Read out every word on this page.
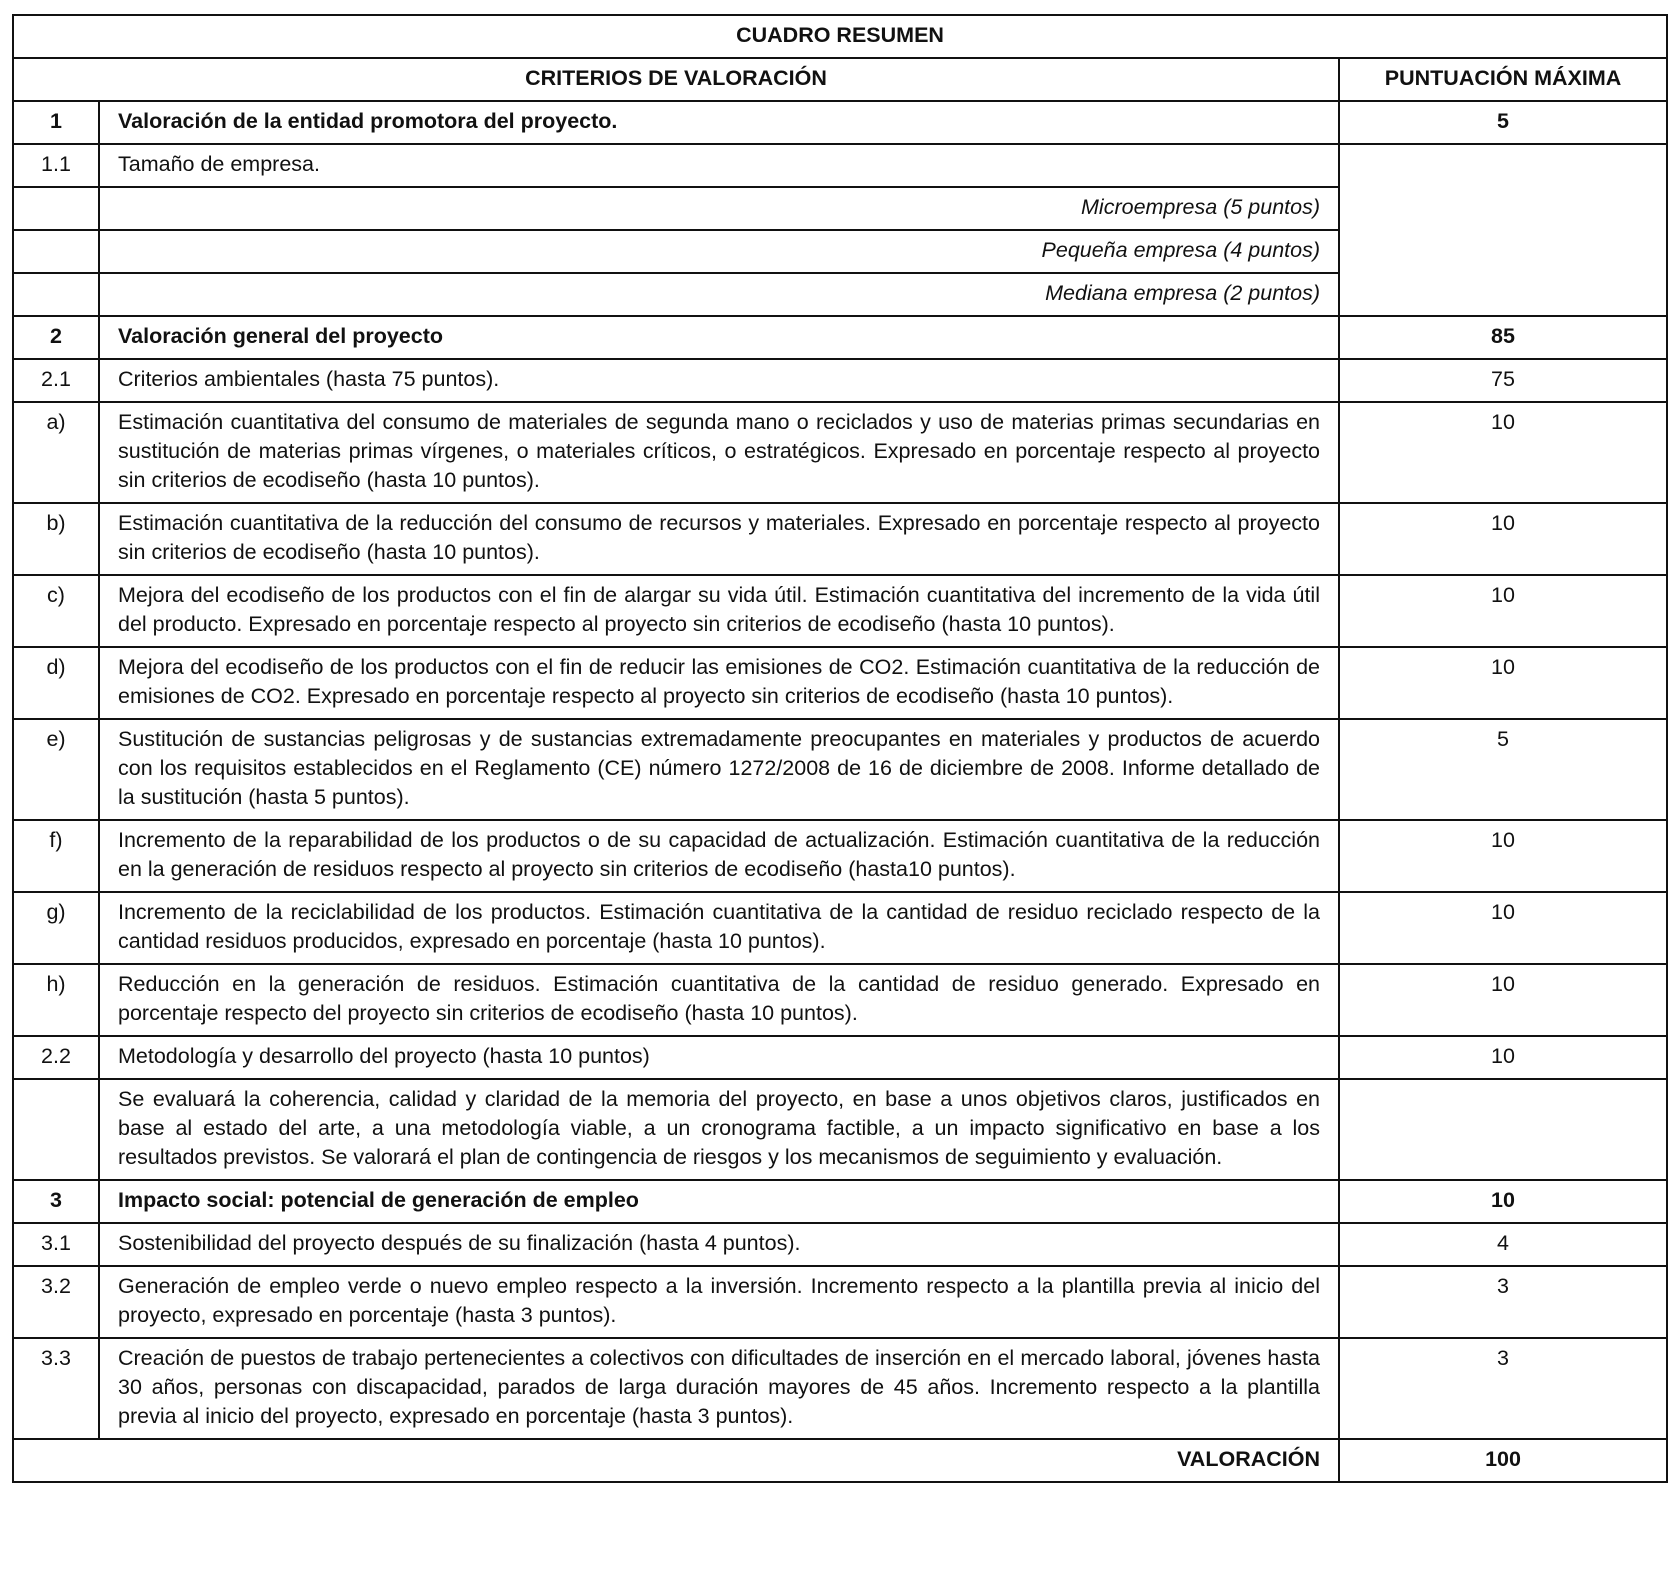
CUADRO RESUMEN		
CRITERIOS DE VALORACIÓN		PUNTUACIÓN MÁXIMA
1	Valoración de la entidad promotora del proyecto.	5
1.1	Tamaño de empresa.	
	Microempresa (5 puntos)	
	Pequeña empresa (4 puntos)	
	Mediana empresa (2 puntos)	
2	Valoración general del proyecto	85
2.1	Criterios ambientales (hasta 75 puntos).	75
a)	Estimación cuantitativa del consumo de materiales de segunda mano o reciclados y uso de materias primas secundarias en sustitución de materias primas vírgenes, o materiales críticos, o estratégicos. Expresado en porcentaje respecto al proyecto sin criterios de ecodiseño (hasta 10 puntos).	10
b)	Estimación cuantitativa de la reducción del consumo de recursos y materiales. Expresado en porcentaje respecto al proyecto sin criterios de ecodiseño (hasta 10 puntos).	10
c)	Mejora del ecodiseño de los productos con el fin de alargar su vida útil. Estimación cuantitativa del incremento de la vida útil del producto. Expresado en porcentaje respecto al proyecto sin criterios de ecodiseño (hasta 10 puntos).	10
d)	Mejora del ecodiseño de los productos con el fin de reducir las emisiones de CO2. Estimación cuantitativa de la reducción de emisiones de CO2. Expresado en porcentaje respecto al proyecto sin criterios de ecodiseño (hasta 10 puntos).	10
e)	Sustitución de sustancias peligrosas y de sustancias extremadamente preocupantes en materiales y productos de acuerdo con los requisitos establecidos en el Reglamento (CE) número 1272/2008 de 16 de diciembre de 2008. Informe detallado de la sustitución (hasta 5 puntos).	5
f)	Incremento de la reparabilidad de los productos o de su capacidad de actualización. Estimación cuantitativa de la reducción en la generación de residuos respecto al proyecto sin criterios de ecodiseño (hasta10 puntos).	10
g)	Incremento de la reciclabilidad de los productos. Estimación cuantitativa de la cantidad de residuo reciclado respecto de la cantidad residuos producidos, expresado en porcentaje (hasta 10 puntos).	10
h)	Reducción en la generación de residuos. Estimación cuantitativa de la cantidad de residuo generado. Expresado en porcentaje respecto del proyecto sin criterios de ecodiseño (hasta 10 puntos).	10
2.2	Metodología y desarrollo del proyecto (hasta 10 puntos)	10
	Se evaluará la coherencia, calidad y claridad de la memoria del proyecto, en base a unos objetivos claros, justificados en base al estado del arte, a una metodología viable, a un cronograma factible, a un impacto significativo en base a los resultados previstos. Se valorará el plan de contingencia de riesgos y los mecanismos de seguimiento y evaluación.	
3	Impacto social: potencial de generación de empleo	10
3.1	Sostenibilidad del proyecto después de su finalización (hasta 4 puntos).	4
3.2	Generación de empleo verde o nuevo empleo respecto a la inversión. Incremento respecto a la plantilla previa al inicio del proyecto, expresado en porcentaje (hasta 3 puntos).	3
3.3	Creación de puestos de trabajo pertenecientes a colectivos con dificultades de inserción en el mercado laboral, jóvenes hasta 30 años, personas con discapacidad, parados de larga duración mayores de 45 años. Incremento respecto a la plantilla previa al inicio del proyecto, expresado en porcentaje (hasta 3 puntos).	3
VALORACIÓN		100
